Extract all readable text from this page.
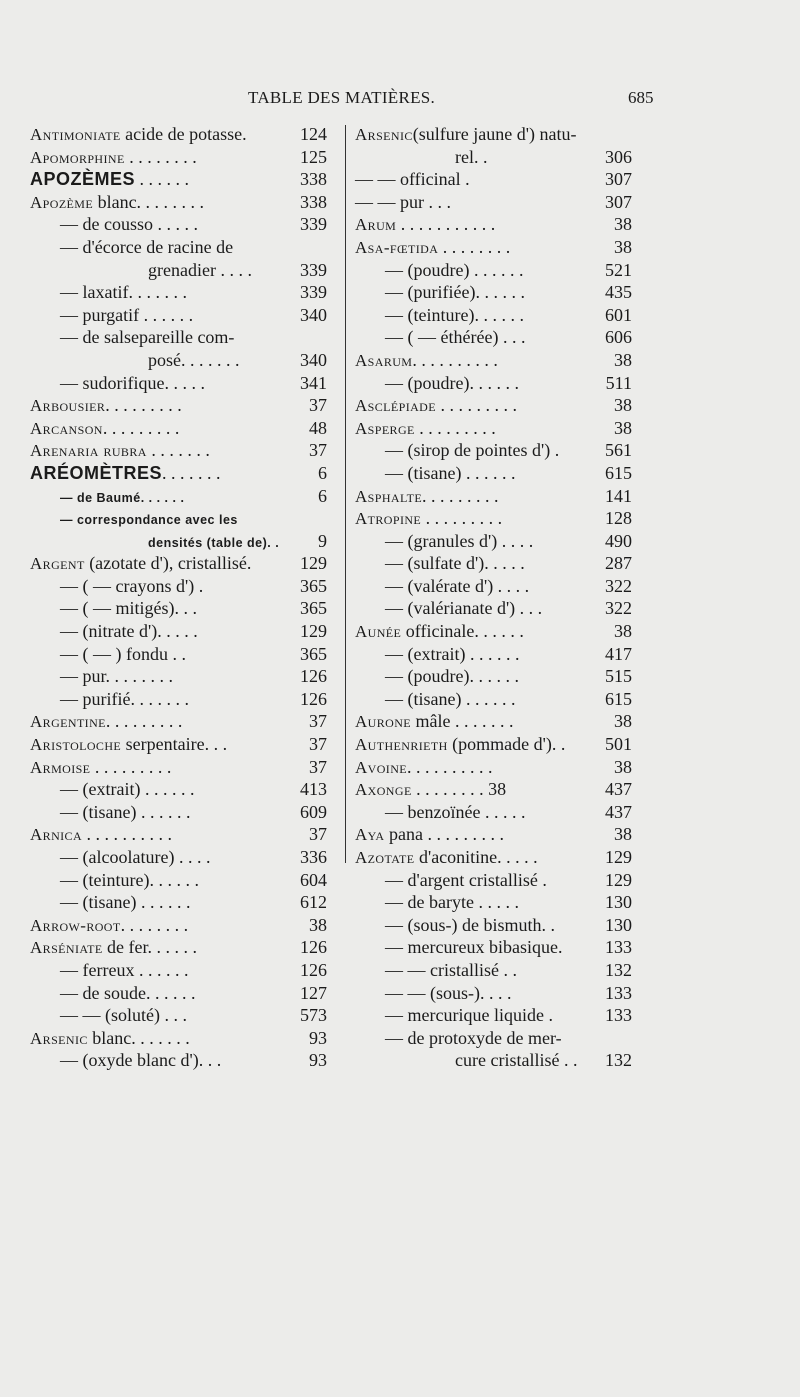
TABLE DES MATIÈRES.	685
Antimoniate acide de potasse.	124
Apomorphine . . . . . . . .	125
APOZÈMES . . . . . .	338
Apozème blanc. . . . . . . .	338
— de cousso . . . . .	339
— d'écorce de racine de
grenadier . . . .	339
— laxatif. . . . . . .	339
— purgatif . . . . . .	340
— de salsepareille com-
posé. . . . . . .	340
— sudorifique. . . . .	341
Arbousier. . . . . . . . .	37
Arcanson. . . . . . . . .	48
Arenaria rubra . . . . . . .	37
ARÉOMÈTRES. . . . . . .	6
— de Baumé. . . . . .	6
— correspondance avec les
densités (table de). . 9
Argent (azotate d'), cristallisé.	129
— ( — crayons d') .	365
— ( — mitigés). . .	365
— (nitrate d'). . . . .	129
— ( — ) fondu . .	365
— pur. . . . . . . .	126
— purifié. . . . . . .	126
Argentine. . . . . . . . .	37
Aristoloche serpentaire. . .	37
Armoise . . . . . . . . .	37
— (extrait) . . . . . .	413
— (tisane) . . . . . .	609
Arnica . . . . . . . . . .	37
— (alcoolature) . . . .	336
— (teinture). . . . . .	604
— (tisane) . . . . . .	612
Arrow-root. . . . . . . .	38
Arséniate de fer. . . . . .	126
— ferreux . . . . . .	126
— de soude. . . . . .	127
— — (soluté) . . .	573
Arsenic blanc. . . . . . .	93
— (oxyde blanc d'). . .	93
Arsenic(sulfure jaune d') natu-
rel. .	306
— — officinal .	307
— — pur . . .	307
Arum . . . . . . . . . . .	38
Asa-fœtida . . . . . . . .	38
— (poudre) . . . . . .	521
— (purifiée). . . . . .	435
— (teinture). . . . . .	601
— ( — éthérée) . . .	606
Asarum. . . . . . . . . .	38
— (poudre). . . . . .	511
Asclépiade . . . . . . . . .	38
Asperge . . . . . . . . .	38
— (sirop de pointes d') .	561
— (tisane) . . . . . .	615
Asphalte. . . . . . . . .	141
Atropine . . . . . . . . .	128
— (granules d') . . . .	490
— (sulfate d'). . . . .	287
— (valérate d') . . . .	322
— (valérianate d') . . .	322
Aunée officinale. . . . . .	38
— (extrait) . . . . . .	417
— (poudre). . . . . .	515
— (tisane) . . . . . .	615
Aurone mâle . . . . . . .	38
Authenrieth (pommade d'). . 501
Avoine. . . . . . . . . .	38
Axonge . . . . . . . . 38	437
— benzoïnée . . . . .	437
Aya pana . . . . . . . . .	38
Azotate d'aconitine. . . . .	129
— d'argent cristallisé .	129
— de baryte . . . . .	130
— (sous-) de bismuth. .	130
— mercureux bibasique. 133
— — cristallisé . .	132
— — (sous-). . . .	133
— mercurique liquide .	133
— de protoxyde de mer-
cure cristallisé . . 132
